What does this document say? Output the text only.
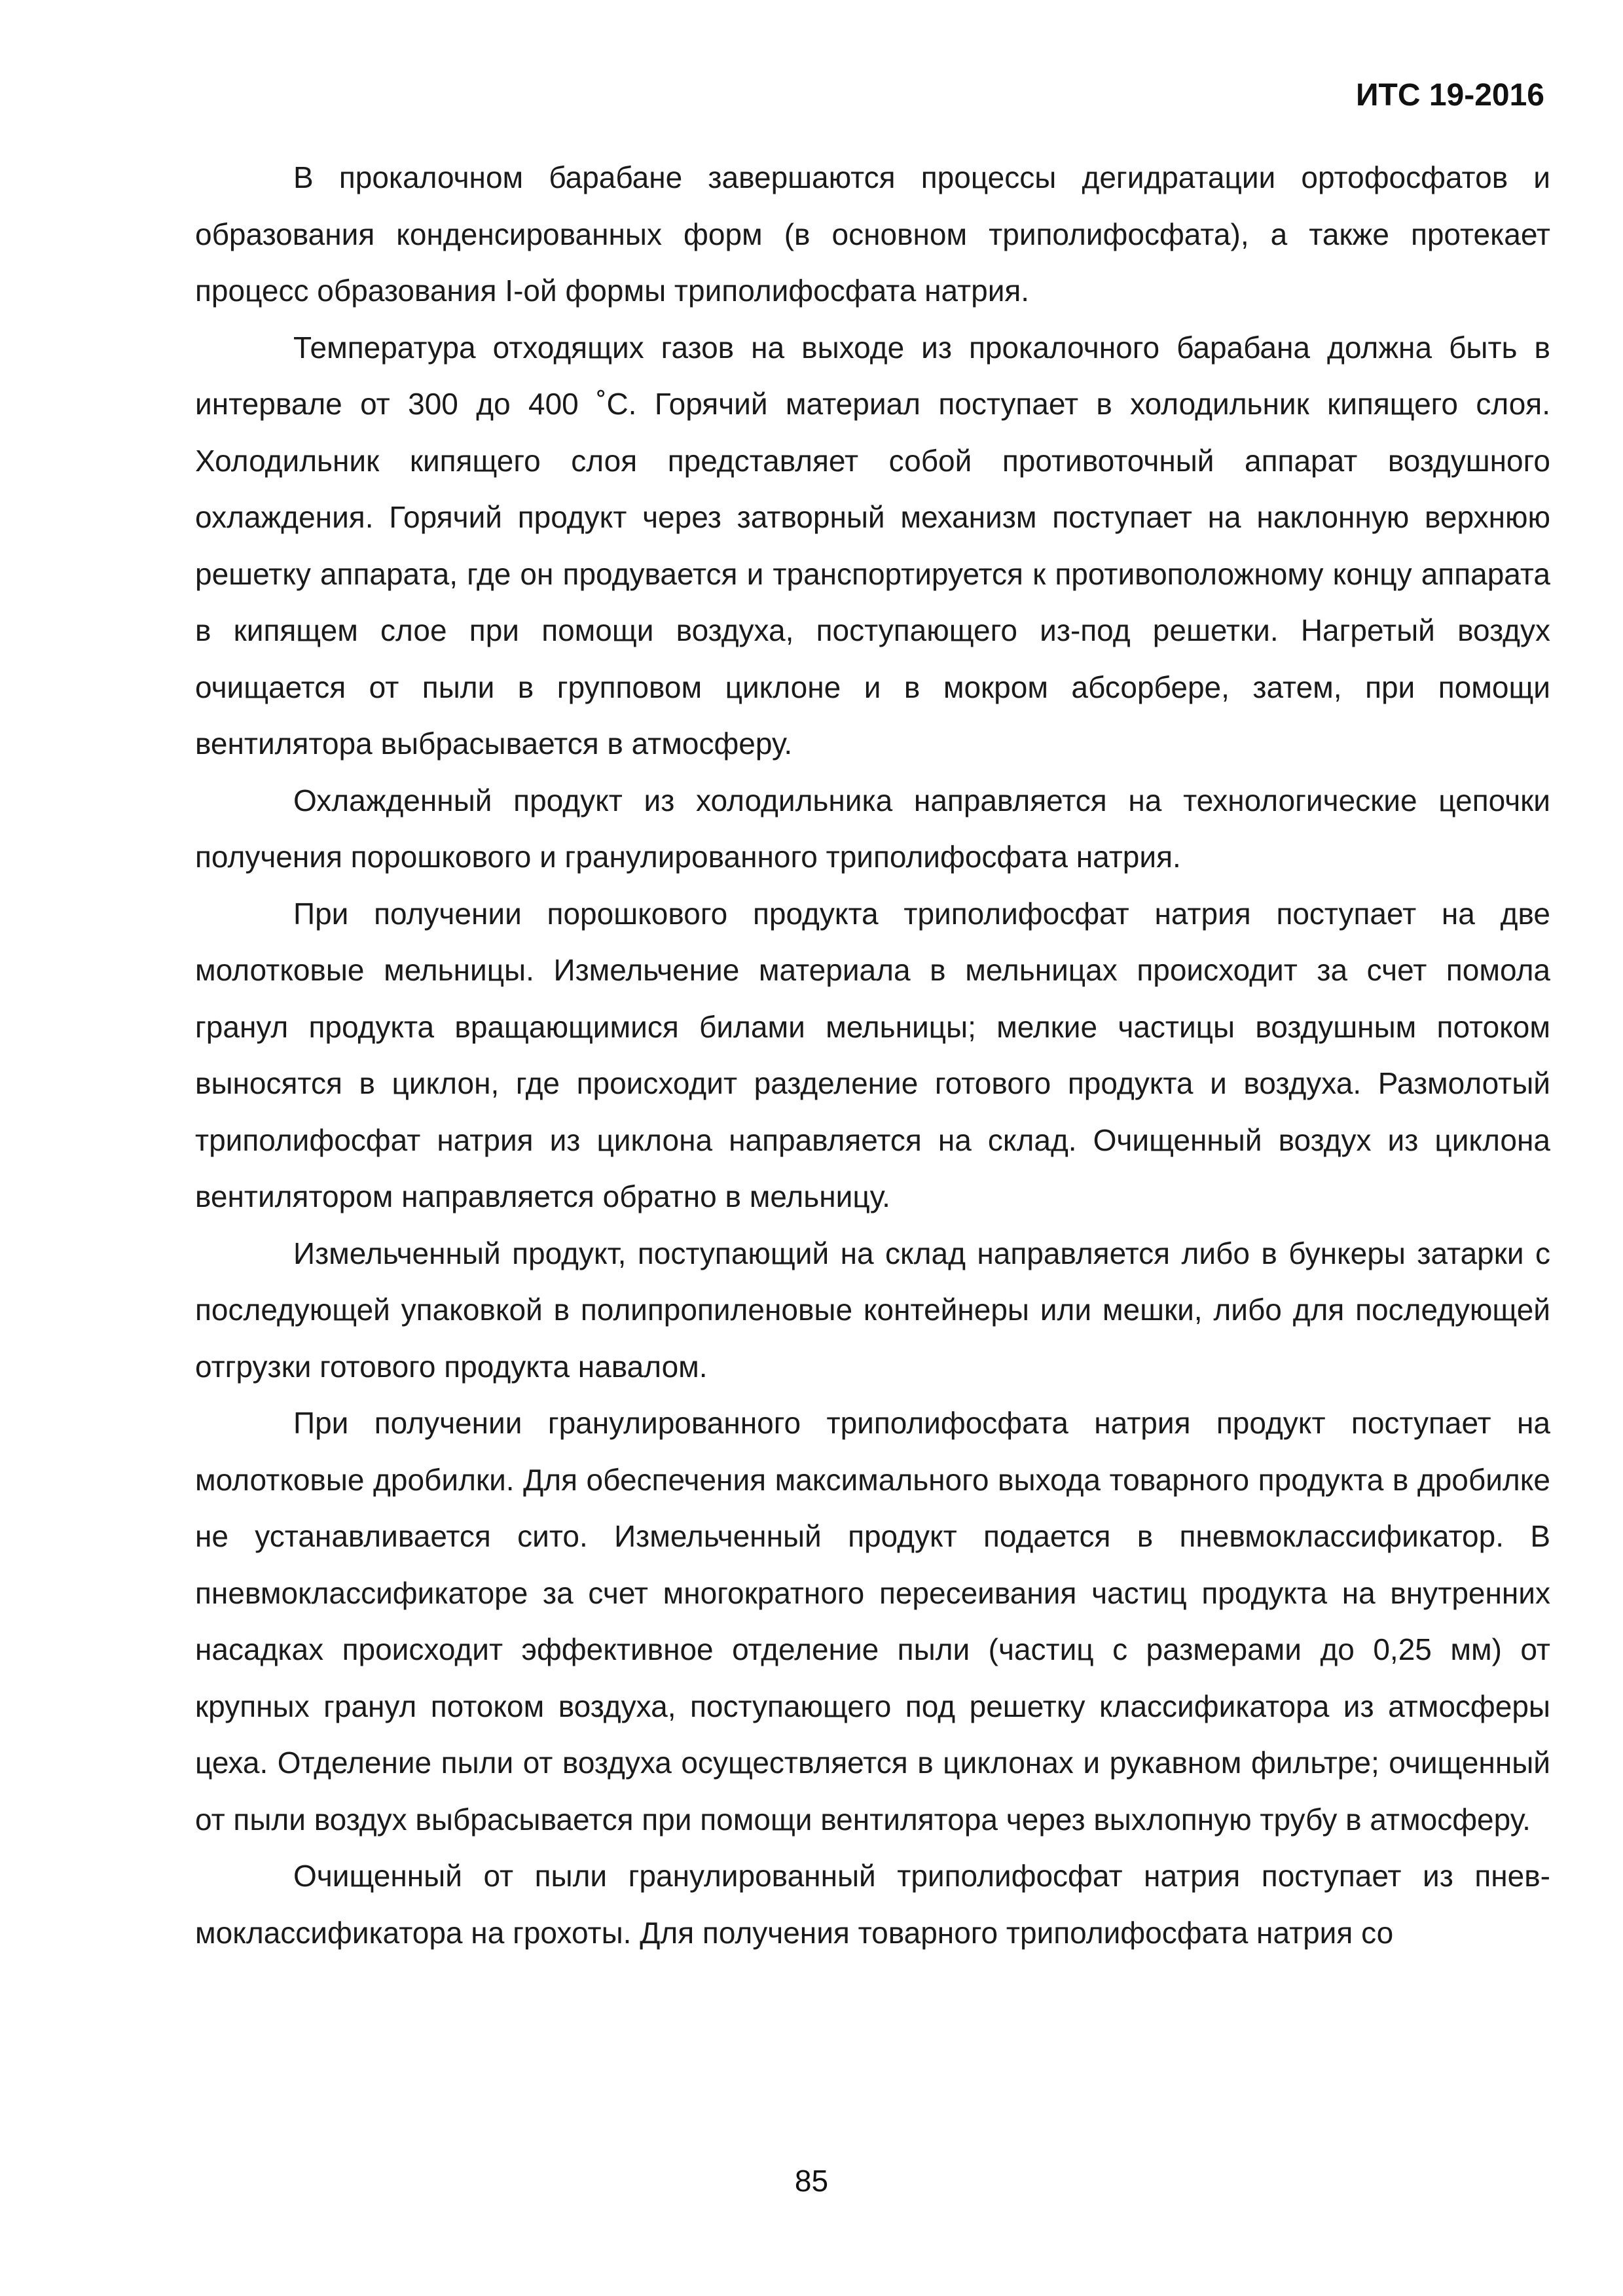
ИТС 19-2016

В прокалочном барабане завершаются процессы дегидратации ортофосфатов и образования конденсированных форм (в основном триполифосфата), а также протекает процесс образования I-ой формы триполифосфата натрия.

Температура отходящих газов на выходе из прокалочного барабана должна быть в интервале от 300 до 400 ˚С. Горячий материал поступает в холодильник кипящего слоя. Холодильник кипящего слоя представляет собой противоточный аппарат воздушного охлаждения. Горячий продукт через затворный механизм поступает на наклонную верхнюю решетку аппарата, где он продувается и транспортируется к противоположному концу аппарата в кипящем слое при помощи воздуха, поступающего из-под решетки. Нагретый воздух очищается от пыли в групповом циклоне и в мокром абсорбере, затем, при помощи вентилятора выбрасывается в атмосферу.

Охлажденный продукт из холодильника направляется на технологические цепочки получения порошкового и гранулированного триполифосфата натрия.

При получении порошкового продукта триполифосфат натрия поступает на две молотковые мельницы. Измельчение материала в мельницах происходит за счет помола гранул продукта вращающимися билами мельницы; мелкие частицы воздушным потоком выносятся в циклон, где происходит разделение готового продукта и воздуха. Размолотый триполифосфат натрия из циклона направляется на склад. Очищенный воздух из циклона вентилятором направляется обратно в мельницу.

Измельченный продукт, поступающий на склад направляется либо в бункеры затарки с последующей упаковкой в полипропиленовые контейнеры или мешки, либо для последующей отгрузки готового продукта навалом.

При получении гранулированного триполифосфата натрия продукт поступает на молотковые дробилки. Для обеспечения максимального выхода товарного продукта в дробилке не устанавливается сито. Измельченный продукт подается в пневмоклассификатор. В пневмоклассификаторе за счет многократного пересеивания частиц продукта на внутренних насадках происходит эффективное отделение пыли (частиц с размерами до 0,25 мм) от крупных гранул потоком воздуха, поступающего под решетку классификатора из атмосферы цеха. Отделение пыли от воздуха осуществляется в циклонах и рукавном фильтре; очищенный от пыли воздух выбрасывается при помощи вентилятора через выхлопную трубу в атмосферу.

Очищенный от пыли гранулированный триполифосфат натрия поступает из пневмоклассификатора на грохоты. Для получения товарного триполифосфата натрия со

85
